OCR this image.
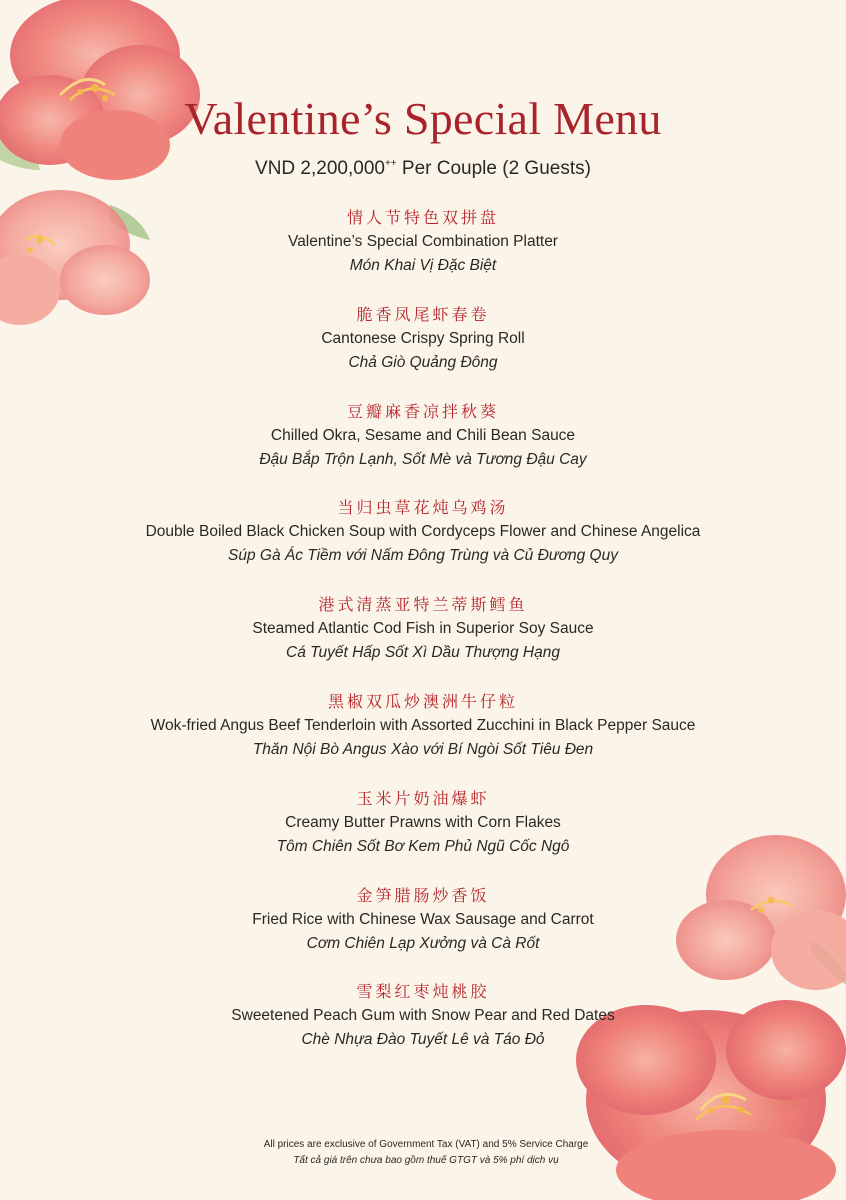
Valentine’s Special Menu
VND 2,200,000++ Per Couple (2 Guests)
情人节特色双拼盘
Valentine’s Special Combination Platter
Món Khai Vị Đặc Biệt
脆香凤尾虾春卷
Cantonese Crispy Spring Roll
Chả Giò Quảng Đông
豆瓣麻香凉拌秋葵
Chilled Okra, Sesame and Chili Bean Sauce
Đậu Bắp Trộn Lạnh, Sốt Mè và Tương Đậu Cay
当归虫草花炖乌鸡汤
Double Boiled Black Chicken Soup with Cordyceps Flower and Chinese Angelica
Súp Gà Ác Tiềm với Nấm Đông Trùng và Củ Đương Quy
港式清蒸亚特兰蒂斯鳕鱼
Steamed Atlantic Cod Fish in Superior Soy Sauce
Cá Tuyết Hấp Sốt Xì Dầu Thượng Hạng
黑椒双瓜炒澳洲牛仔粒
Wok-fried Angus Beef Tenderloin with Assorted Zucchini in Black Pepper Sauce
Thăn Nội Bò Angus Xào với Bí Ngòi Sốt Tiêu Đen
玉米片奶油爆虾
Creamy Butter Prawns with Corn Flakes
Tôm Chiên Sốt Bơ Kem Phủ Ngũ Cốc Ngô
金笋腊肠炒香饭
Fried Rice with Chinese Wax Sausage and Carrot
Cơm Chiên Lạp Xưởng và Cà Rốt
雪梨红枣炖桃胶
Sweetened Peach Gum with Snow Pear and Red Dates
Chè Nhựa Đào Tuyết Lê và Táo Đỏ
All prices are exclusive of Government Tax (VAT) and 5% Service Charge
Tất cả giá trên chưa bao gồm thuế GTGT và 5% phí dịch vụ
